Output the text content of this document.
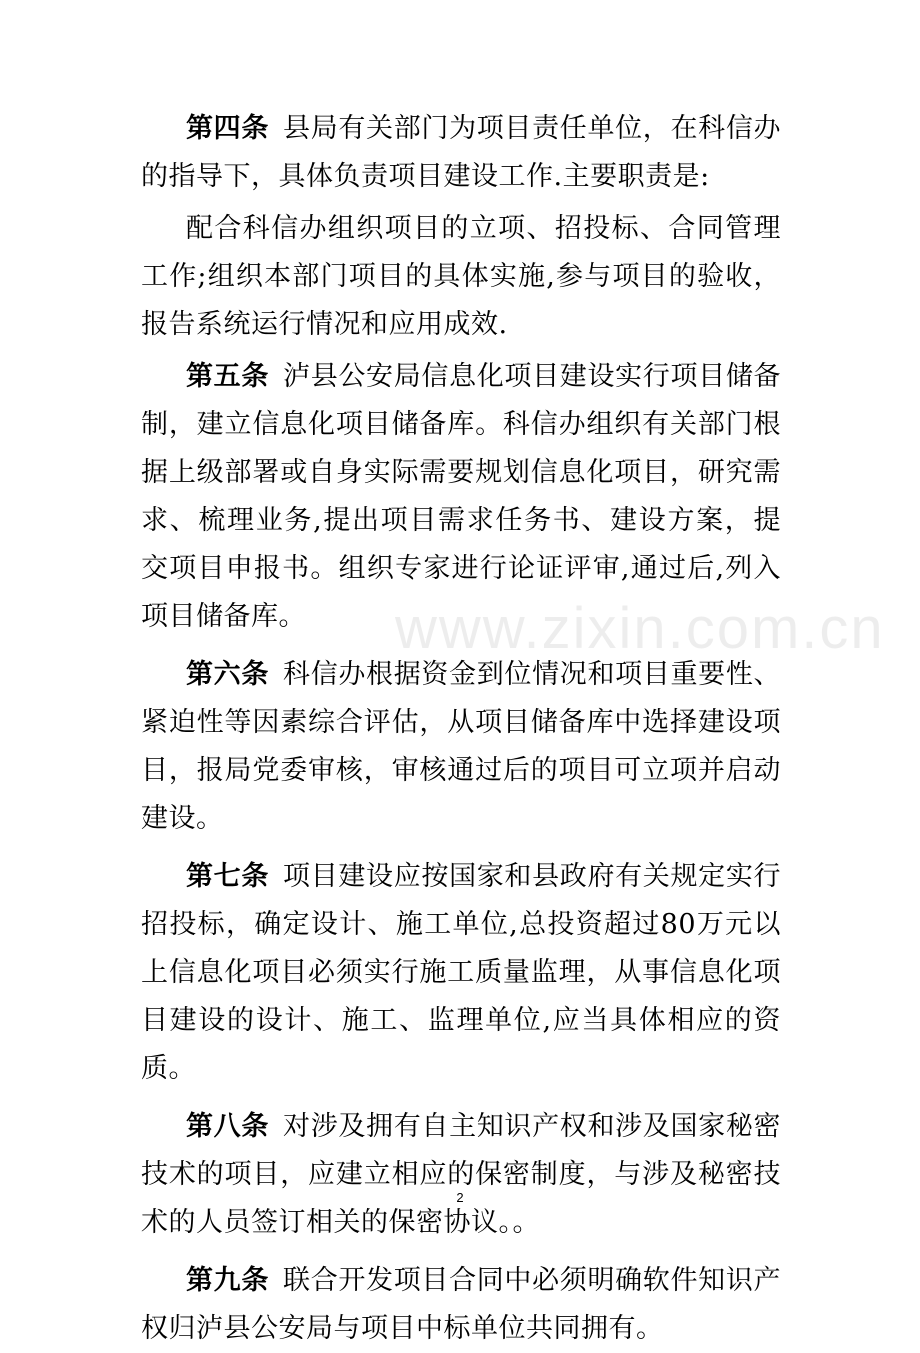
第四条 县局有关部门为项目责任单位，在科信办的指导下，具体负责项目建设工作.主要职责是:

配合科信办组织项目的立项、招投标、合同管理工作;组织本部门项目的具体实施,参与项目的验收，报告系统运行情况和应用成效.

第五条 泸县公安局信息化项目建设实行项目储备制，建立信息化项目储备库。科信办组织有关部门根据上级部署或自身实际需要规划信息化项目，研究需求、梳理业务,提出项目需求任务书、建设方案，提交项目申报书。组织专家进行论证评审,通过后,列入项目储备库。

第六条 科信办根据资金到位情况和项目重要性、紧迫性等因素综合评估，从项目储备库中选择建设项目，报局党委审核，审核通过后的项目可立项并启动建设。

第七条 项目建设应按国家和县政府有关规定实行招投标，确定设计、施工单位,总投资超过80万元以上信息化项目必须实行施工质量监理，从事信息化项目建设的设计、施工、监理单位,应当具体相应的资质。

第八条 对涉及拥有自主知识产权和涉及国家秘密技术的项目，应建立相应的保密制度，与涉及秘密技术的人员签订相关的保密协议。。

第九条 联合开发项目合同中必须明确软件知识产权归泸县公安局与项目中标单位共同拥有。

www.zixin.com.cn
2
